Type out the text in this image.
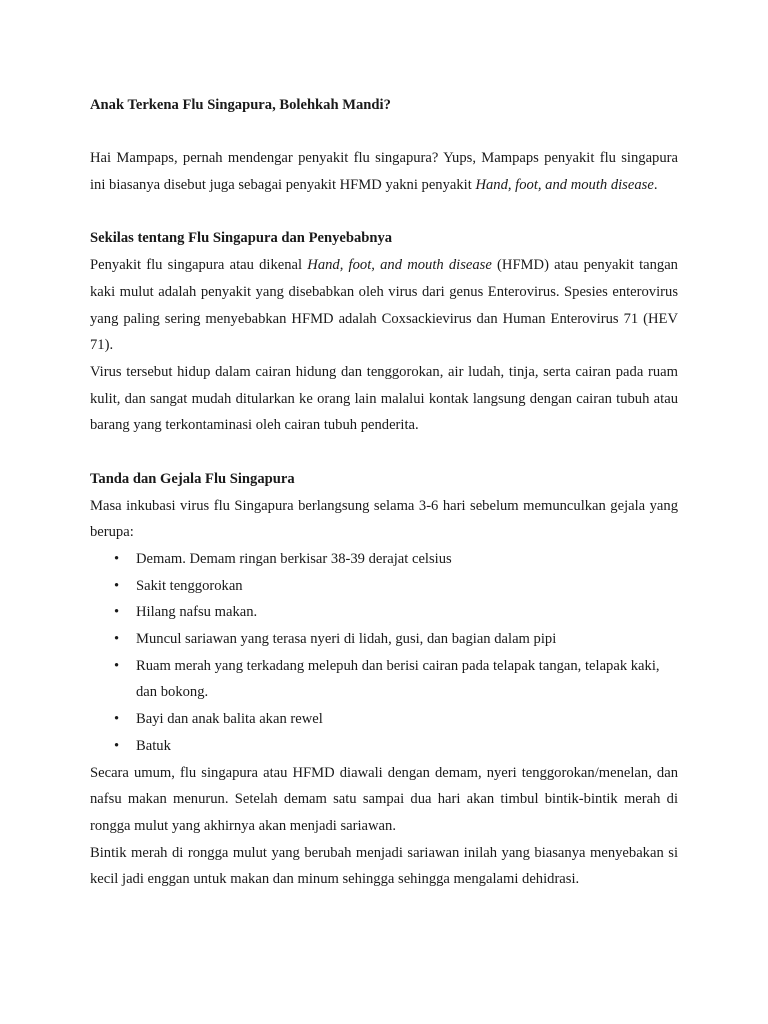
Anak Terkena Flu Singapura, Bolehkah Mandi?

Hai Mampaps, pernah mendengar penyakit flu singapura? Yups, Mampaps penyakit flu singapura ini biasanya disebut juga sebagai penyakit HFMD yakni penyakit Hand, foot, and mouth disease.

Sekilas tentang Flu Singapura dan Penyebabnya

Penyakit flu singapura atau dikenal Hand, foot, and mouth disease (HFMD) atau penyakit tangan kaki mulut adalah penyakit yang disebabkan oleh virus dari genus Enterovirus. Spesies enterovirus yang paling sering menyebabkan HFMD adalah Coxsackievirus dan Human Enterovirus 71 (HEV 71).

Virus tersebut hidup dalam cairan hidung dan tenggorokan, air ludah, tinja, serta cairan pada ruam kulit, dan sangat mudah ditularkan ke orang lain malalui kontak langsung dengan cairan tubuh atau barang yang terkontaminasi oleh cairan tubuh penderita.

Tanda dan Gejala Flu Singapura

Masa inkubasi virus flu Singapura berlangsung selama 3-6 hari sebelum memunculkan gejala yang berupa:

• Demam. Demam ringan berkisar 38-39 derajat celsius
• Sakit tenggorokan
• Hilang nafsu makan.
• Muncul sariawan yang terasa nyeri di lidah, gusi, dan bagian dalam pipi
• Ruam merah yang terkadang melepuh dan berisi cairan pada telapak tangan, telapak kaki, dan bokong.
• Bayi dan anak balita akan rewel
• Batuk

Secara umum, flu singapura atau HFMD diawali dengan demam, nyeri tenggorokan/menelan, dan nafsu makan menurun. Setelah demam satu sampai dua hari akan timbul bintik-bintik merah di rongga mulut yang akhirnya akan menjadi sariawan.

Bintik merah di rongga mulut yang berubah menjadi sariawan inilah yang biasanya menyebakan si kecil jadi enggan untuk makan dan minum sehingga sehingga mengalami dehidrasi.
